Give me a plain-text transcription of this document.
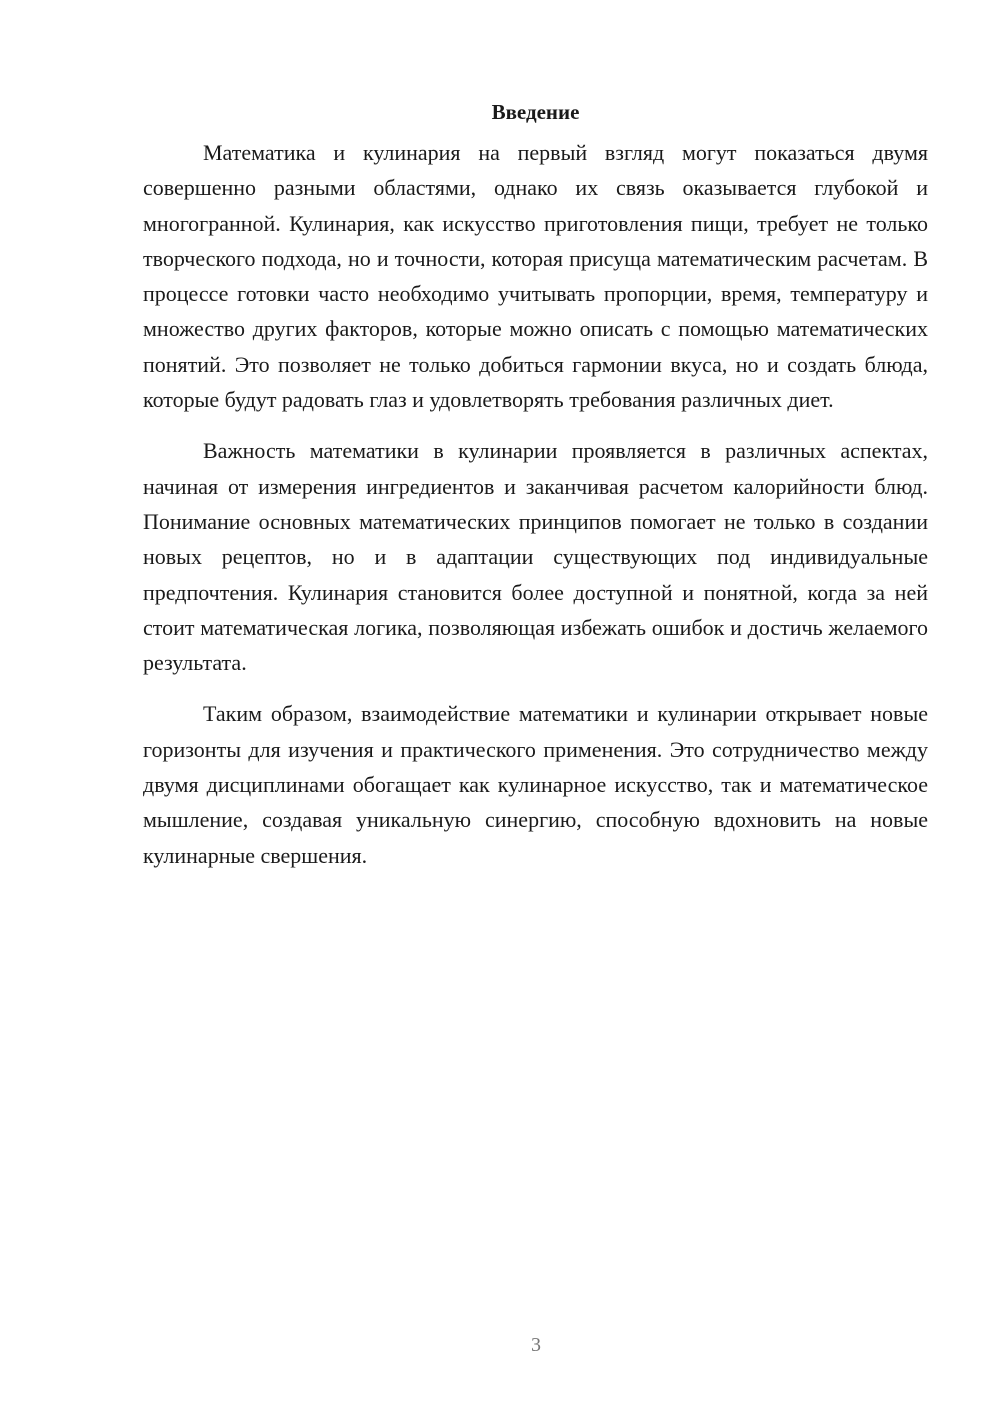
Введение

Математика и кулинария на первый взгляд могут показаться двумя совершенно разными областями, однако их связь оказывается глубокой и многогранной. Кулинария, как искусство приготовления пищи, требует не только творческого подхода, но и точности, которая присуща математическим расчетам. В процессе готовки часто необходимо учитывать пропорции, время, температуру и множество других факторов, которые можно описать с помощью математических понятий. Это позволяет не только добиться гармонии вкуса, но и создать блюда, которые будут радовать глаз и удовлетворять требования различных диет.

Важность математики в кулинарии проявляется в различных аспектах, начиная от измерения ингредиентов и заканчивая расчетом калорийности блюд. Понимание основных математических принципов помогает не только в создании новых рецептов, но и в адаптации существующих под индивидуальные предпочтения. Кулинария становится более доступной и понятной, когда за ней стоит математическая логика, позволяющая избежать ошибок и достичь желаемого результата.

Таким образом, взаимодействие математики и кулинарии открывает новые горизонты для изучения и практического применения. Это сотрудничество между двумя дисциплинами обогащает как кулинарное искусство, так и математическое мышление, создавая уникальную синергию, способную вдохновить на новые кулинарные свершения.

3
